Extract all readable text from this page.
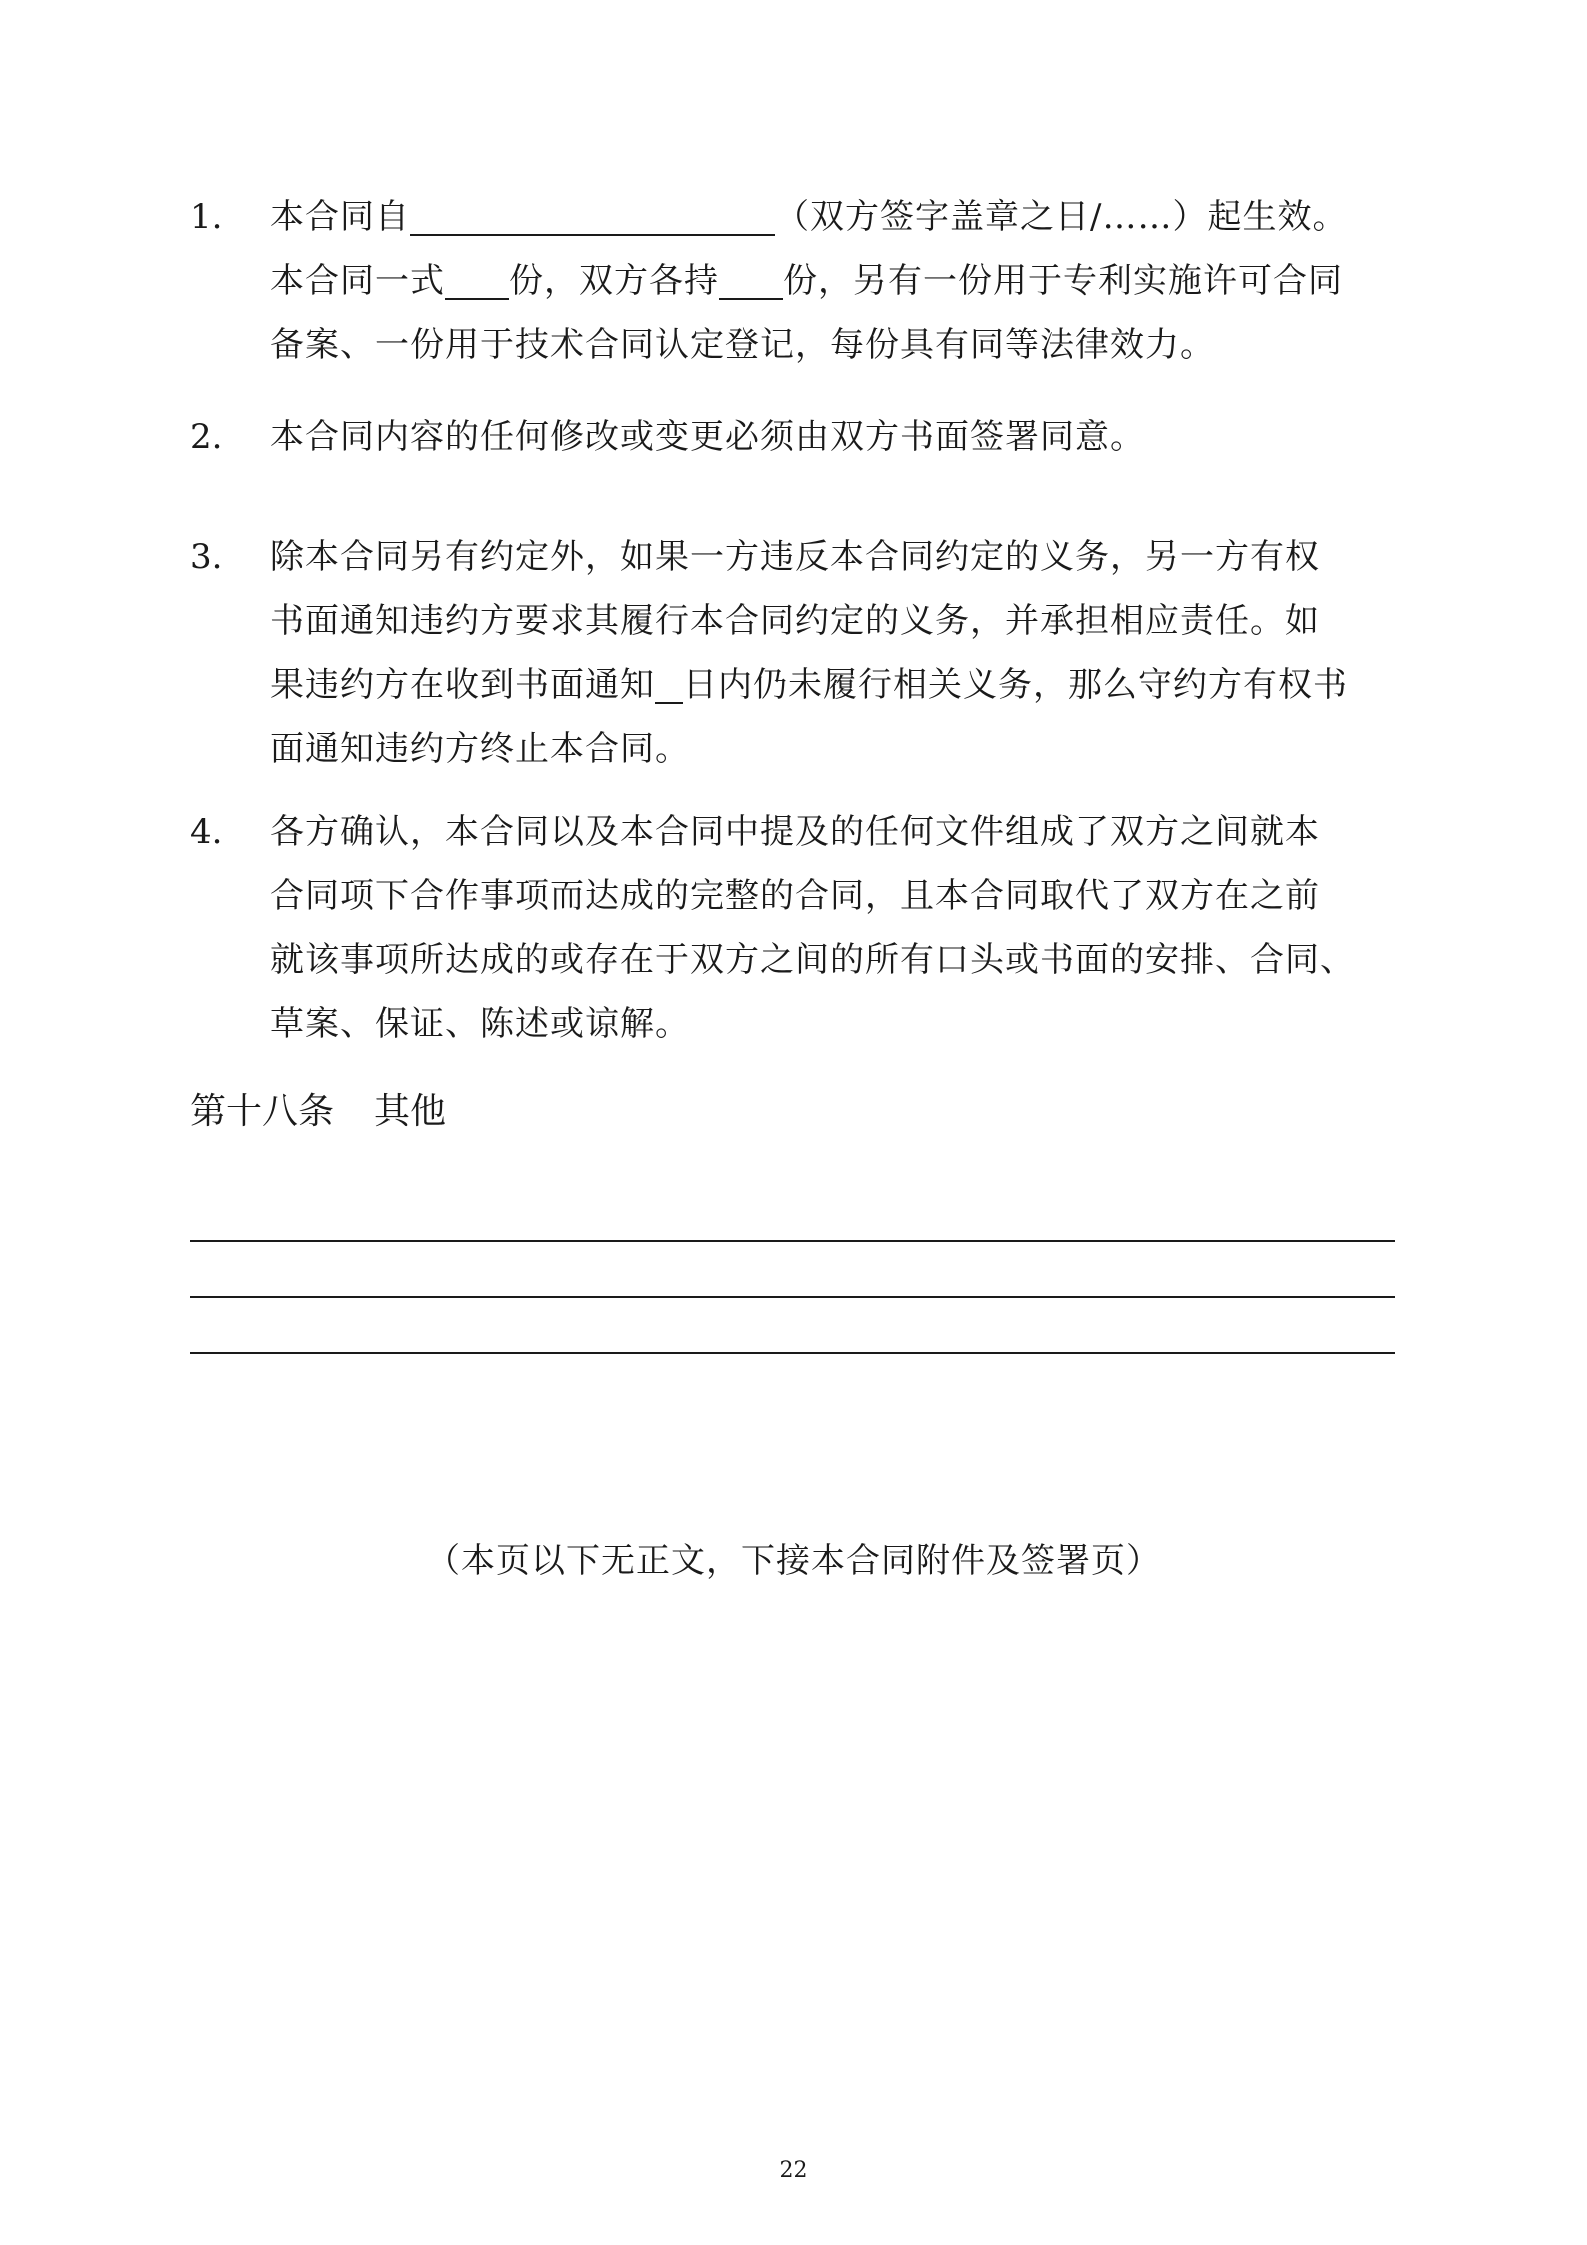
1. 本合同自	（双方签字盖章之日/……）起生效。
本合同一式 份，双方各持 份，另有一份用于专利实施许可合同
备案、一份用于技术合同认定登记，每份具有同等法律效力。
2. 本合同内容的任何修改或变更必须由双方书面签署同意。
3. 除本合同另有约定外，如果一方违反本合同约定的义务，另一方有权
书面通知违约方要求其履行本合同约定的义务，并承担相应责任。如
果违约方在收到书面通知 日内仍未履行相关义务，那么守约方有权书
面通知违约方终止本合同。
4. 各方确认，本合同以及本合同中提及的任何文件组成了双方之间就本
合同项下合作事项而达成的完整的合同，且本合同取代了双方在之前
就该事项所达成的或存在于双方之间的所有口头或书面的安排、合同、
草案、保证、陈述或谅解。
第十八条 其他
（本页以下无正文，下接本合同附件及签署页）
22
